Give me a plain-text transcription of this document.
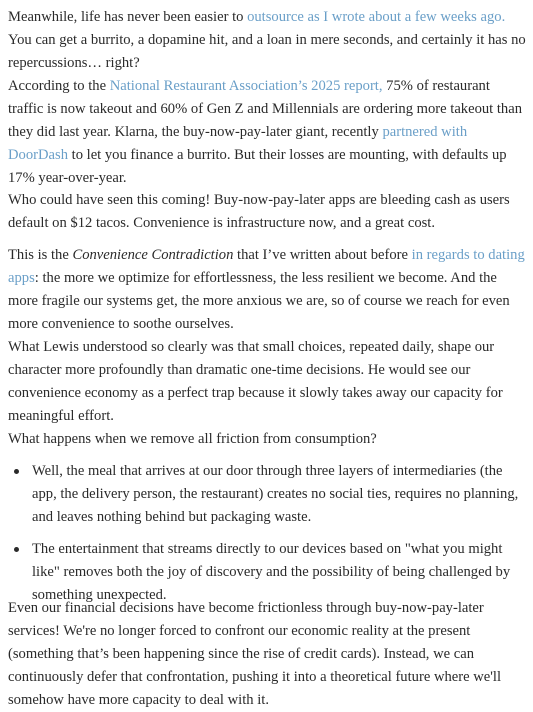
Meanwhile, life has never been easier to outsource as I wrote about a few weeks ago. You can get a burrito, a dopamine hit, and a loan in mere seconds, and certainly it has no repercussions… right?

According to the National Restaurant Association’s 2025 report, 75% of restaurant traffic is now takeout and 60% of Gen Z and Millennials are ordering more takeout than they did last year. Klarna, the buy-now-pay-later giant, recently partnered with DoorDash to let you finance a burrito. But their losses are mounting, with defaults up 17% year-over-year.

Who could have seen this coming! Buy-now-pay-later apps are bleeding cash as users default on $12 tacos. Convenience is infrastructure now, and a great cost.

This is the Convenience Contradiction that I’ve written about before in regards to dating apps: the more we optimize for effortlessness, the less resilient we become. And the more fragile our systems get, the more anxious we are, so of course we reach for even more convenience to soothe ourselves.

What Lewis understood so clearly was that small choices, repeated daily, shape our character more profoundly than dramatic one-time decisions. He would see our convenience economy as a perfect trap because it slowly takes away our capacity for meaningful effort.

What happens when we remove all friction from consumption?

Well, the meal that arrives at our door through three layers of intermediaries (the app, the delivery person, the restaurant) creates no social ties, requires no planning, and leaves nothing behind but packaging waste.
The entertainment that streams directly to our devices based on "what you might like" removes both the joy of discovery and the possibility of being challenged by something unexpected.

Even our financial decisions have become frictionless through buy-now-pay-later services! We're no longer forced to confront our economic reality at the present (something that’s been happening since the rise of credit cards). Instead, we can continuously defer that confrontation, pushing it into a theoretical future where we'll somehow have more capacity to deal with it.
